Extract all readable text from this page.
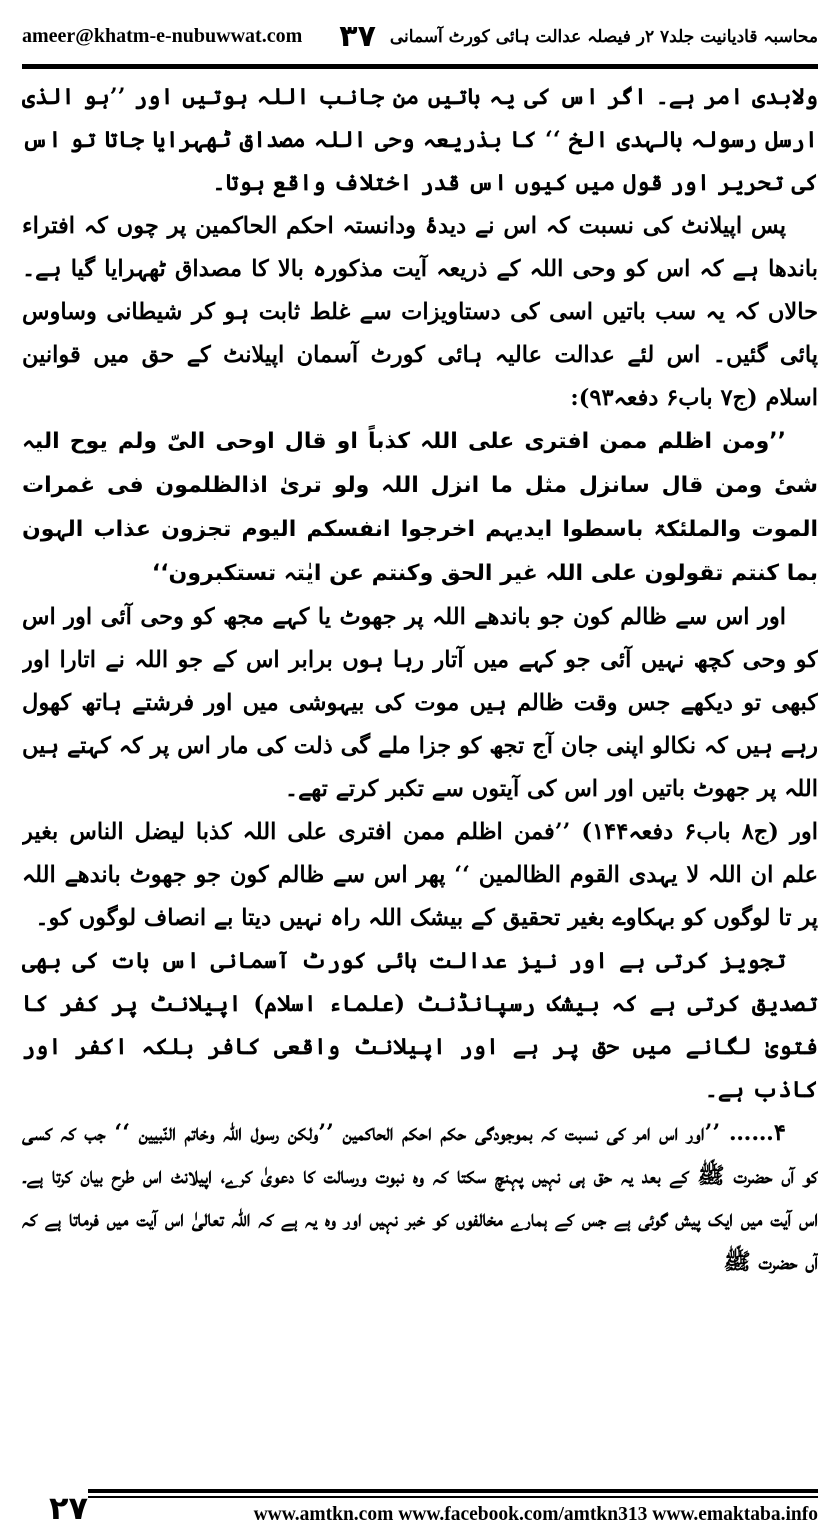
ameer@khatm-e-nubuwwat.com ۳۷ محاسبہ قادیانیت جلد۷ ۲ر فیصلہ عدالت ہائی کورٹ آسمانی

ولابدی امر ہے۔ اگر اس کی یہ باتیں من جانب اللہ ہوتیں اور ’’ہو الذی ارسل رسولہ بالہدی الخ ‘‘ کا بذریعہ وحی اللہ مصداق ٹھہرایا جاتا تو اس کی تحریر اور قول میں کیوں اس قدر اختلاف واقع ہوتا۔

پس اپیلانٹ کی نسبت کہ اس نے دیدۂ ودانستہ احکم الحاکمین پر چوں کہ افتراء باندھا ہے کہ اس کو وحی اللہ کے ذریعہ آیت مذکورہ بالا کا مصداق ٹھہرایا گیا ہے۔ حالاں کہ یہ سب باتیں اسی کی دستاویزات سے غلط ثابت ہو کر شیطانی وساوس پائی گئیں۔ اس لئے عدالت عالیہ ہائی کورٹ آسمان اپیلانٹ کے حق میں قوانین اسلام (ج۷ باب۶ دفعہ۹۳):

’’ومن اظلم ممن افتری علی اللہ کذباً او قال اوحی الیّ ولم یوح الیہ شیٔ ومن قال سانزل مثل ما انزل اللہ ولو تریٰ اذالظلمون فی غمرات الموت والملئکۃ باسطوا ایدیہم اخرجوا انفسکم الیوم تجزون عذاب الہون بما کنتم تقولون علی اللہ غیر الحق وکنتم عن ایٰتہ تستکبرون‘‘

اور اس سے ظالم کون جو باندھے اللہ پر جھوٹ یا کہے مجھ کو وحی آئی اور اس کو وحی کچھ نہیں آئی جو کہے میں آتار رہا ہوں برابر اس کے جو اللہ نے اتارا اور کبھی تو دیکھے جس وقت ظالم ہیں موت کی بیہوشی میں اور فرشتے ہاتھ کھول رہے ہیں کہ نکالو اپنی جان آج تجھ کو جزا ملے گی ذلت کی مار اس پر کہ کہتے ہیں اللہ پر جھوٹ باتیں اور اس کی آیتوں سے تکبر کرتے تھے۔

اور (ج۸ باب۶ دفعہ۱۴۴) ’’فمن اظلم ممن افتری علی اللہ کذبا لیضل الناس بغیر علم ان اللہ لا یہدی القوم الظالمین ‘‘ پھر اس سے ظالم کون جو جھوٹ باندھے اللہ پر تا لوگوں کو بہکاوے بغیر تحقیق کے بیشک اللہ راہ نہیں دیتا بے انصاف لوگوں کو۔

تجویز کرتی ہے اور نیز عدالت ہائی کورٹ آسمانی اس بات کی بھی تصدیق کرتی ہے کہ بیشک رسپانڈنٹ (علماء اسلام) اپیلانٹ پر کفر کا فتویٰ لگانے میں حق پر ہے اور اپیلانٹ واقعی کافر بلکہ اکفر اور کاذب ہے۔

۴…… ’’اور اس امر کی نسبت کہ بموجودگی حکم احکم الحاکمین ’’ولکن رسول اللہ وخاتم النّبیین ‘‘ جب کہ کسی کو آں حضرت ﷺ کے بعد یہ حق ہی نہیں پہنچ سکتا کہ وہ نبوت ورسالت کا دعویٰ کرے، اپیلانٹ اس طرح بیان کرتا ہے۔ اس آیت میں ایک پیش گوئی ہے جس کے ہمارے مخالفوں کو خبر نہیں اور وہ یہ ہے کہ اللہ تعالیٰ اس آیت میں فرماتا ہے کہ آں حضرت ﷺ

۲۷	www.amtkn.com www.facebook.com/amtkn313 www.emaktaba.info
